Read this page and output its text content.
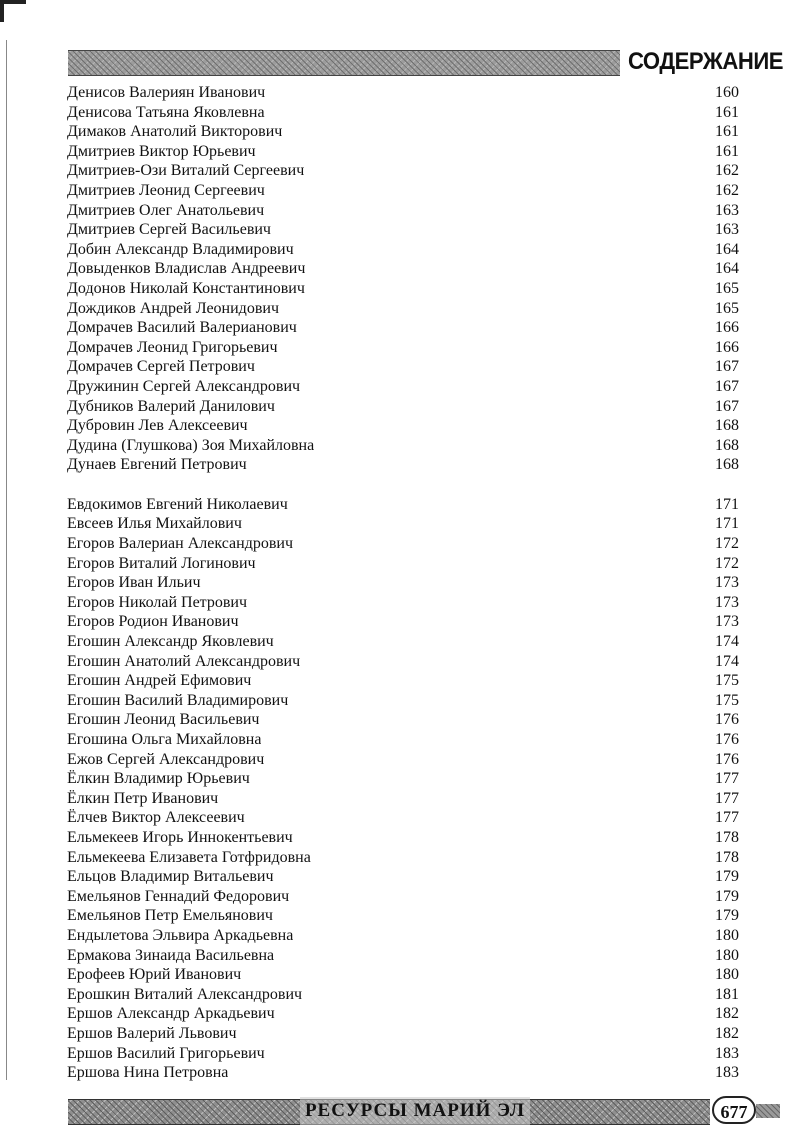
СОДЕРЖАНИЕ
Денисов Валериян Иванович	160
Денисова Татьяна Яковлевна	161
Димаков Анатолий Викторович	161
Дмитриев Виктор Юрьевич	161
Дмитриев-Ози Виталий Сергеевич	162
Дмитриев Леонид Сергеевич	162
Дмитриев Олег Анатольевич	163
Дмитриев Сергей Васильевич	163
Добин Александр Владимирович	164
Довыденков Владислав Андреевич	164
Додонов Николай Константинович	165
Дождиков Андрей Леонидович	165
Домрачев Василий Валерианович	166
Домрачев Леонид Григорьевич	166
Домрачев Сергей Петрович	167
Дружинин Сергей Александрович	167
Дубников Валерий Данилович	167
Дубровин Лев Алексеевич	168
Дудина (Глушкова) Зоя Михайловна	168
Дунаев Евгений Петрович	168
Евдокимов Евгений Николаевич	171
Евсеев Илья Михайлович	171
Егоров Валериан Александрович	172
Егоров Виталий Логинович	172
Егоров Иван Ильич	173
Егоров Николай Петрович	173
Егоров Родион Иванович	173
Егошин Александр Яковлевич	174
Егошин Анатолий Александрович	174
Егошин Андрей Ефимович	175
Егошин Василий Владимирович	175
Егошин Леонид Васильевич	176
Егошина Ольга Михайловна	176
Ежов Сергей Александрович	176
Ёлкин Владимир Юрьевич	177
Ёлкин Петр Иванович	177
Ёлчев Виктор Алексеевич	177
Ельмекеев Игорь Иннокентьевич	178
Ельмекеева Елизавета Готфридовна	178
Ельцов Владимир Витальевич	179
Емельянов Геннадий Федорович	179
Емельянов Петр Емельянович	179
Ендылетова Эльвира Аркадьевна	180
Ермакова Зинаида Васильевна	180
Ерофеев Юрий Иванович	180
Ерошкин Виталий Александрович	181
Ершов Александр Аркадьевич	182
Ершов Валерий Львович	182
Ершов Василий Григорьевич	183
Ершова Нина Петровна	183
РЕСУРСЫ МАРИЙ ЭЛ	677
